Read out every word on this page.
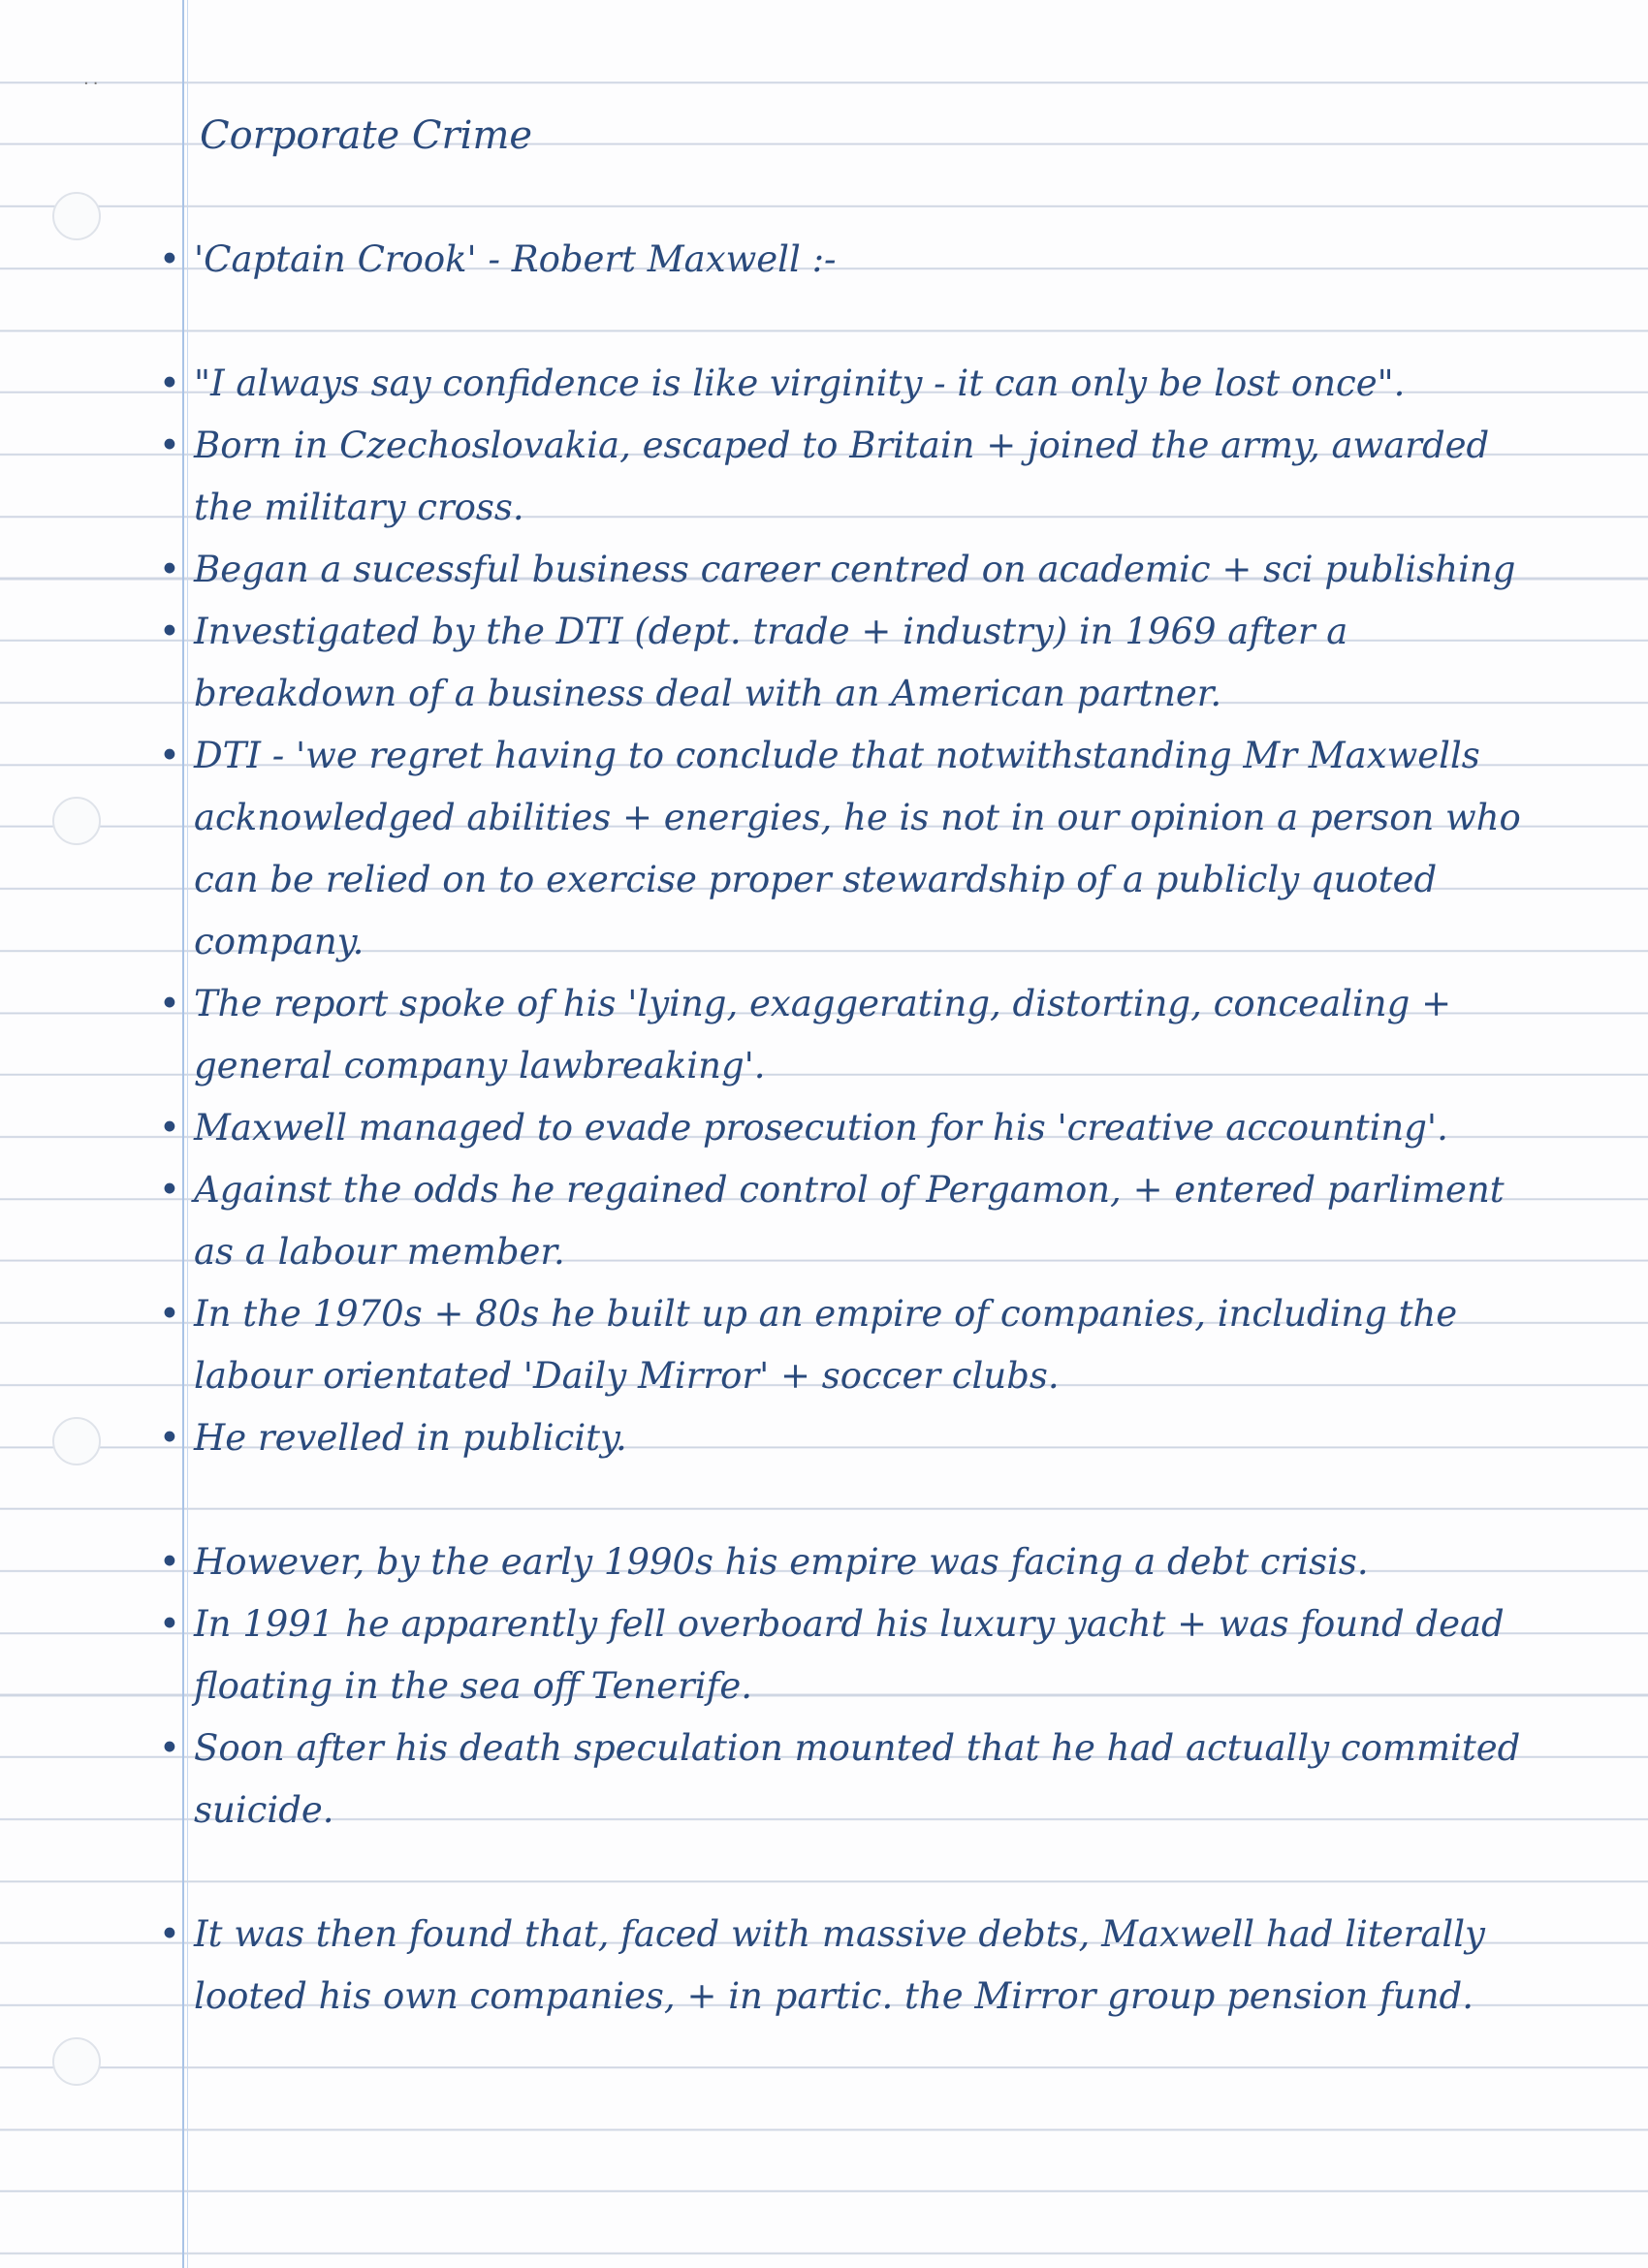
··
Corporate Crime
• 'Captain Crook' - Robert Maxwell :-
• "I always say confidence is like virginity - it can only be lost once".
• Born in Czechoslovakia, escaped to Britain + joined the army, awarded the military cross.
• Began a sucessful business career centred on academic + sci publishing
• Investigated by the DTI (dept. trade + industry) in 1969 after a breakdown of a business deal with an American partner.
• DTI - 'we regret having to conclude that notwithstanding Mr Maxwells acknowledged abilities + energies, he is not in our opinion a person who can be relied on to exercise proper stewardship of a publicly quoted company.
• The report spoke of his 'lying, exaggerating, distorting, concealing + general company lawbreaking'.
• Maxwell managed to evade prosecution for his 'creative accounting'.
• Against the odds he regained control of Pergamon, + entered parliment as a labour member.
• In the 1970s + 80s he built up an empire of companies, including the labour orientated 'Daily Mirror' + soccer clubs.
• He revelled in publicity.
• However, by the early 1990s his empire was facing a debt crisis.
• In 1991 he apparently fell overboard his luxury yacht + was found dead floating in the sea off Tenerife.
• Soon after his death speculation mounted that he had actually commited suicide.
• It was then found that, faced with massive debts, Maxwell had literally looted his own companies, + in partic. the Mirror group pension fund.
